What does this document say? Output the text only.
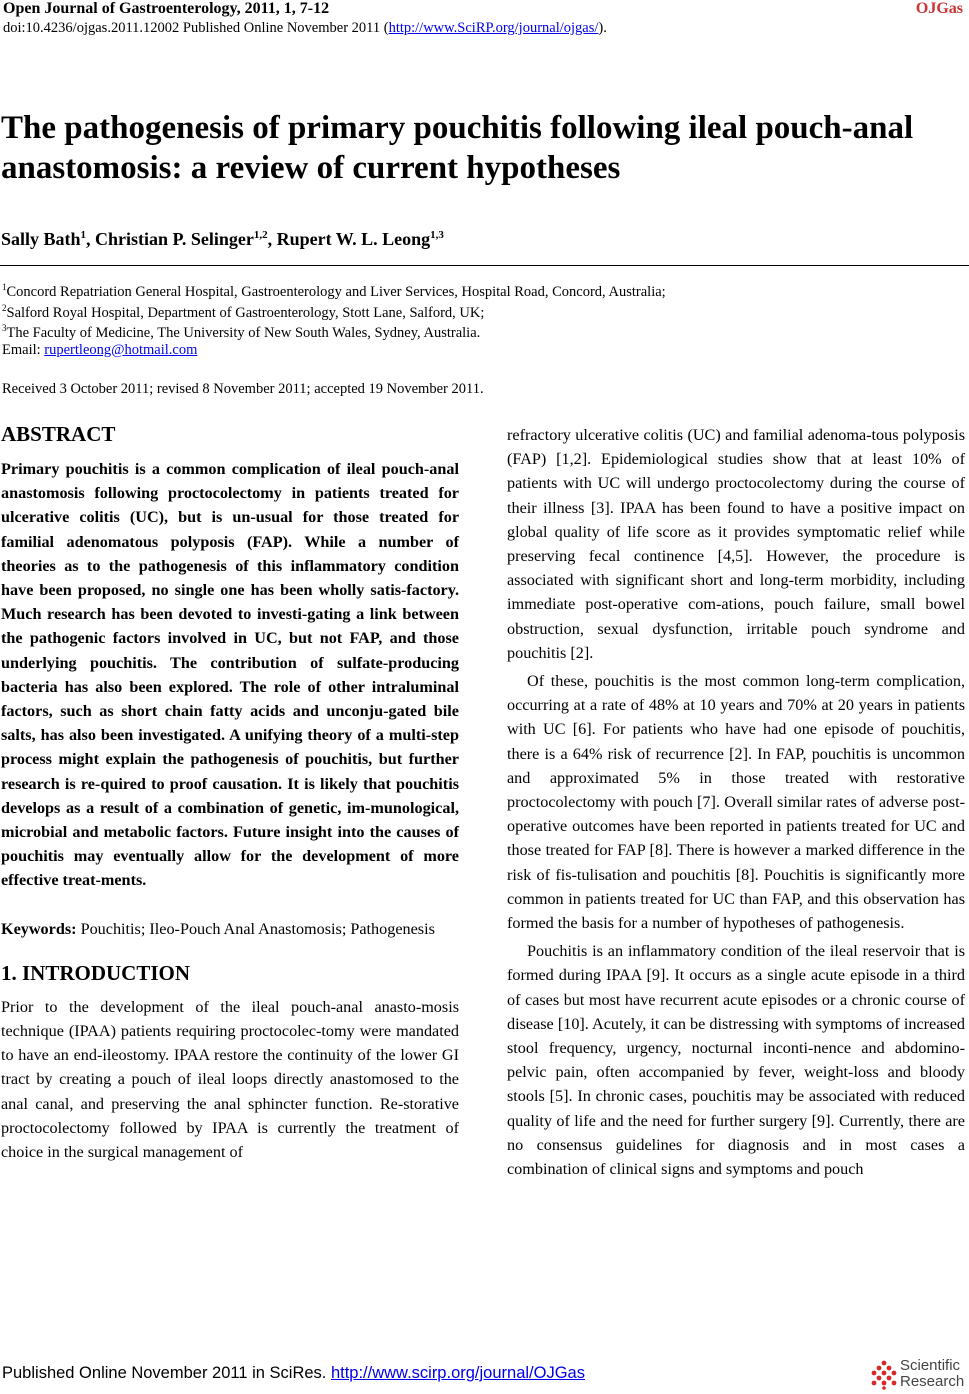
Open Journal of Gastroenterology, 2011, 1, 7-12	OJGas
doi:10.4236/ojgas.2011.12002 Published Online November 2011 (http://www.SciRP.org/journal/ojgas/).
The pathogenesis of primary pouchitis following ileal pouch-anal anastomosis: a review of current hypotheses
Sally Bath$^1$, Christian P. Selinger$^{1,2}$, Rupert W. L. Leong$^{1,3}$
$^1$Concord Repatriation General Hospital, Gastroenterology and Liver Services, Hospital Road, Concord, Australia;
$^2$Salford Royal Hospital, Department of Gastroenterology, Stott Lane, Salford, UK;
$^3$The Faculty of Medicine, The University of New South Wales, Sydney, Australia.
Email: rupertleong@hotmail.com
Received 3 October 2011; revised 8 November 2011; accepted 19 November 2011.
ABSTRACT

Primary pouchitis is a common complication of ileal pouch-anal anastomosis following proctocolectomy in patients treated for ulcerative colitis (UC), but is un-usual for those treated for familial adenomatous polyposis (FAP). While a number of theories as to the pathogenesis of this inflammatory condition have been proposed, no single one has been wholly satis-factory. Much research has been devoted to investi-gating a link between the pathogenic factors involved in UC, but not FAP, and those underlying pouchitis. The contribution of sulfate-producing bacteria has also been explored. The role of other intraluminal factors, such as short chain fatty acids and unconju-gated bile salts, has also been investigated. A unifying theory of a multi-step process might explain the pathogenesis of pouchitis, but further research is re-quired to proof causation. It is likely that pouchitis develops as a result of a combination of genetic, im-munological, microbial and metabolic factors. Future insight into the causes of pouchitis may eventually allow for the development of more effective treat-ments.

Keywords: Pouchitis; Ileo-Pouch Anal Anastomosis; Pathogenesis

1. INTRODUCTION

Prior to the development of the ileal pouch-anal anasto-mosis technique (IPAA) patients requiring proctocolec-tomy were mandated to have an end-ileostomy. IPAA restore the continuity of the lower GI tract by creating a pouch of ileal loops directly anastomosed to the anal canal, and preserving the anal sphincter function. Re-storative proctocolectomy followed by IPAA is currently the treatment of choice in the surgical management of

refractory ulcerative colitis (UC) and familial adenoma-tous polyposis (FAP) [1,2]. Epidemiological studies show that at least 10% of patients with UC will undergo proctocolectomy during the course of their illness [3]. IPAA has been found to have a positive impact on global quality of life score as it provides symptomatic relief while preserving fecal continence [4,5]. However, the procedure is associated with significant short and long-term morbidity, including immediate post-operative com-ations, pouch failure, small bowel obstruction, sexual dysfunction, irritable pouch syndrome and pouchitis [2].

Of these, pouchitis is the most common long-term complication, occurring at a rate of 48% at 10 years and 70% at 20 years in patients with UC [6]. For patients who have had one episode of pouchitis, there is a 64% risk of recurrence [2]. In FAP, pouchitis is uncommon and approximated 5% in those treated with restorative proctocolectomy with pouch [7]. Overall similar rates of adverse post-operative outcomes have been reported in patients treated for UC and those treated for FAP [8]. There is however a marked difference in the risk of fis-tulisation and pouchitis [8]. Pouchitis is significantly more common in patients treated for UC than FAP, and this observation has formed the basis for a number of hypotheses of pathogenesis.

Pouchitis is an inflammatory condition of the ileal reservoir that is formed during IPAA [9]. It occurs as a single acute episode in a third of cases but most have recurrent acute episodes or a chronic course of disease [10]. Acutely, it can be distressing with symptoms of increased stool frequency, urgency, nocturnal inconti-nence and abdomino-pelvic pain, often accompanied by fever, weight-loss and bloody stools [5]. In chronic cases, pouchitis may be associated with reduced quality of life and the need for further surgery [9]. Currently, there are no consensus guidelines for diagnosis and in most cases a combination of clinical signs and symptoms and pouch

Published Online November 2011 in SciRes. http://www.scirp.org/journal/OJGas	Scientific
Research
